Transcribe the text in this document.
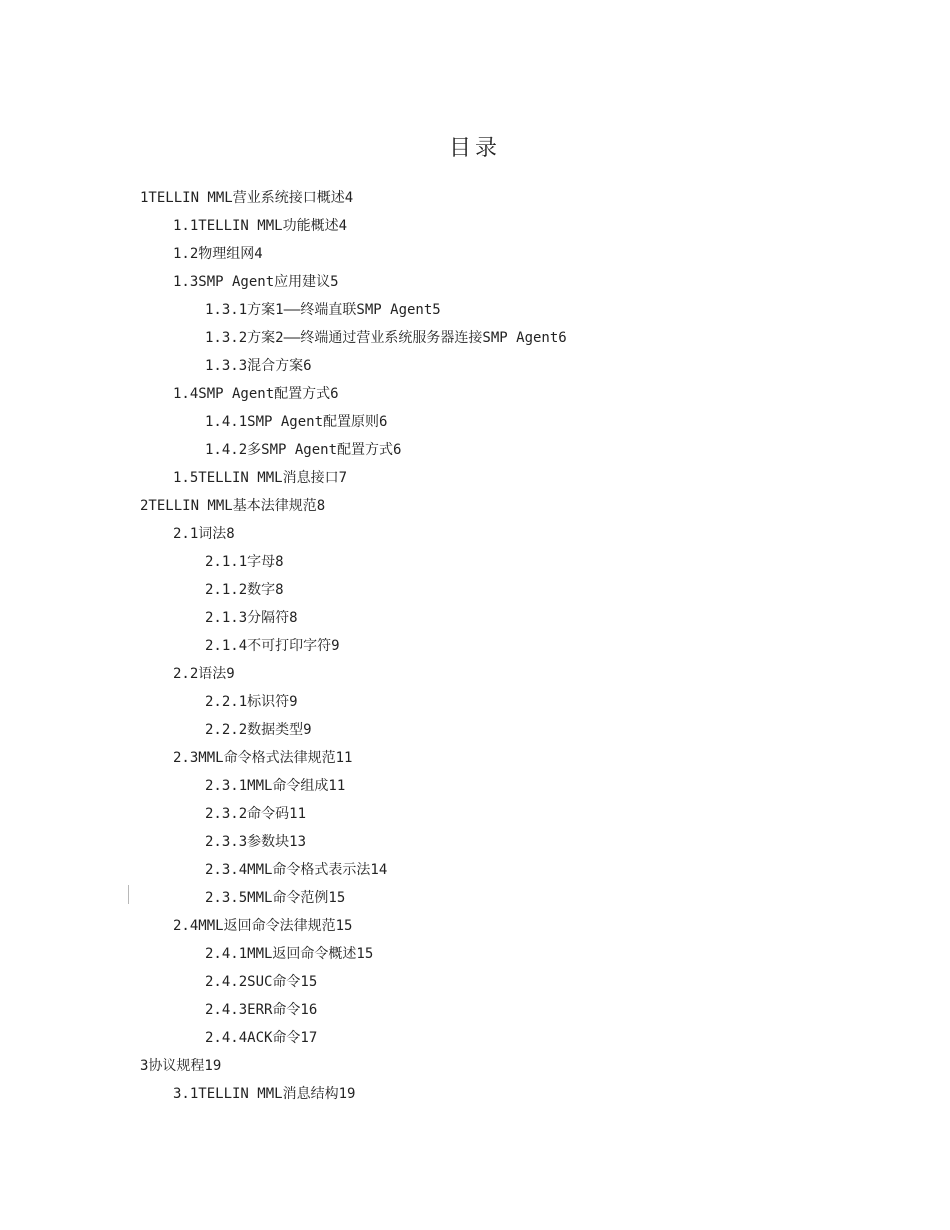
目录
1TELLIN MML营业系统接口概述4
1.1TELLIN MML功能概述4
1.2物理组网4
1.3SMP Agent应用建议5
1.3.1方案1——终端直联SMP Agent5
1.3.2方案2——终端通过营业系统服务器连接SMP Agent6
1.3.3混合方案6
1.4SMP Agent配置方式6
1.4.1SMP Agent配置原则6
1.4.2多SMP Agent配置方式6
1.5TELLIN MML消息接口7
2TELLIN MML基本法律规范8
2.1词法8
2.1.1字母8
2.1.2数字8
2.1.3分隔符8
2.1.4不可打印字符9
2.2语法9
2.2.1标识符9
2.2.2数据类型9
2.3MML命令格式法律规范11
2.3.1MML命令组成11
2.3.2命令码11
2.3.3参数块13
2.3.4MML命令格式表示法14
2.3.5MML命令范例15
2.4MML返回命令法律规范15
2.4.1MML返回命令概述15
2.4.2SUC命令15
2.4.3ERR命令16
2.4.4ACK命令17
3协议规程19
3.1TELLIN MML消息结构19
